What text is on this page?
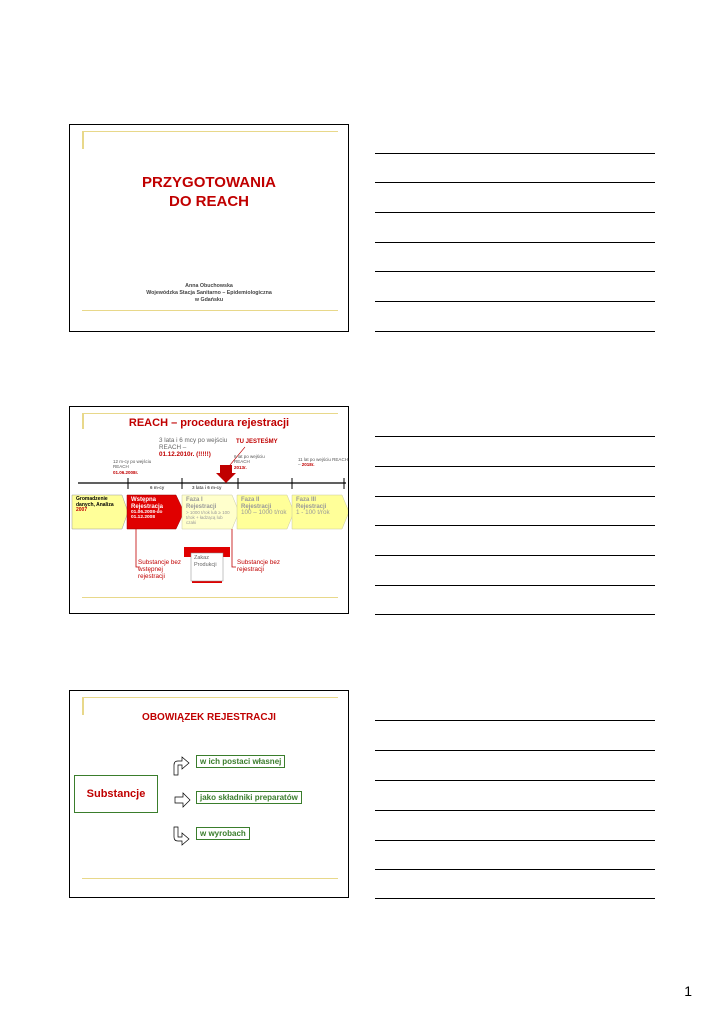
PRZYGOTOWANIA DO REACH
Anna Obuchowska
Wojewódzka Stacja Sanitarno – Epidemiologiczna
w Gdańsku
REACH – procedura rejestracji
3 lata i 6 mcy po wejściu REACH –
01.12.2010r. (!!!!!)
TU JESTEŚMY
12 m-cy po wejściu REACH
01.06.2008r.
6 lat po wejściu REACH
2013r.
11 lat po wejściu REACH – 2018r.
6 m-cy	3 lata i 6 m-cy
Gromadzenie danych, Analiza
2007
Wstępna Rejestracja
01.06.2008-do 01.12.2008
Faza I Rejestracji
> 1000 t/rok lub ≥ 100 t/rok + ładzącą lub czaki
Faza II Rejestracji
100 – 1000 t/rok
Faza III Rejestracji
1 - 100 t/rok
Substancje bez wstępnej rejestracji
Zakaz Produkcji	Substancje bez rejestracji
OBOWIĄZEK REJESTRACJI
Substancje
w ich postaci własnej
jako składniki preparatów
w wyrobach
1
